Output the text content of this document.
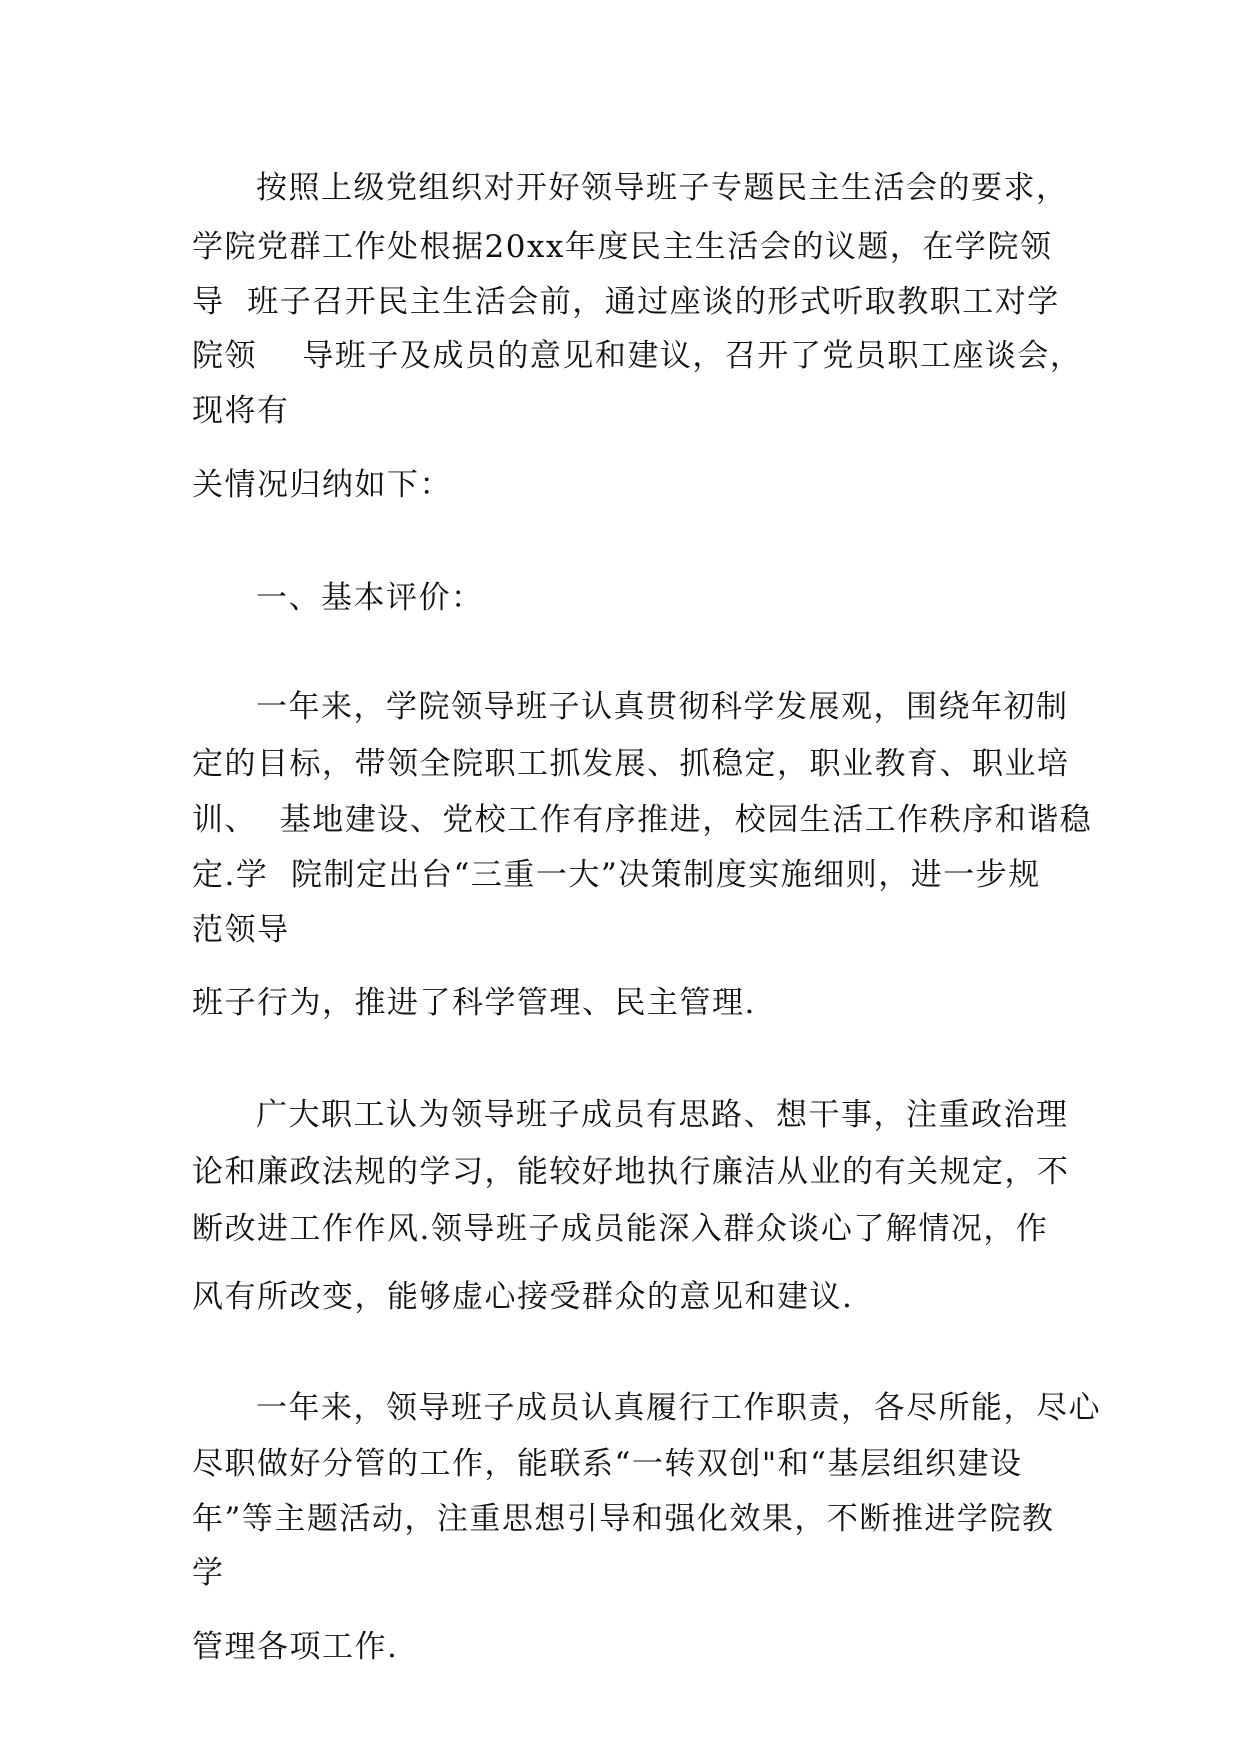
按照上级党组织对开好领导班子专题民主生活会的要求，

学院党群工作处根据20xx年度民主生活会的议题，在学院领

导  班子召开民主生活会前，通过座谈的形式听取教职工对学

院领    导班子及成员的意见和建议，召开了党员职工座谈会，

现将有

关情况归纳如下：

一、基本评价：

一年来，学院领导班子认真贯彻科学发展观，围绕年初制

定的目标，带领全院职工抓发展、抓稳定，职业教育、职业培

训、  基地建设、党校工作有序推进，校园生活工作秩序和谐稳

定.学  院制定出台“三重一大”决策制度实施细则，进一步规

范领导

班子行为，推进了科学管理、民主管理.

广大职工认为领导班子成员有思路、想干事，注重政治理

论和廉政法规的学习，能较好地执行廉洁从业的有关规定，不

断改进工作作风.领导班子成员能深入群众谈心了解情况，作

风有所改变，能够虚心接受群众的意见和建议.

一年来，领导班子成员认真履行工作职责，各尽所能，尽心

尽职做好分管的工作，能联系“一转双创"和“基层组织建设

年”等主题活动，注重思想引导和强化效果，不断推进学院教

学

管理各项工作.
